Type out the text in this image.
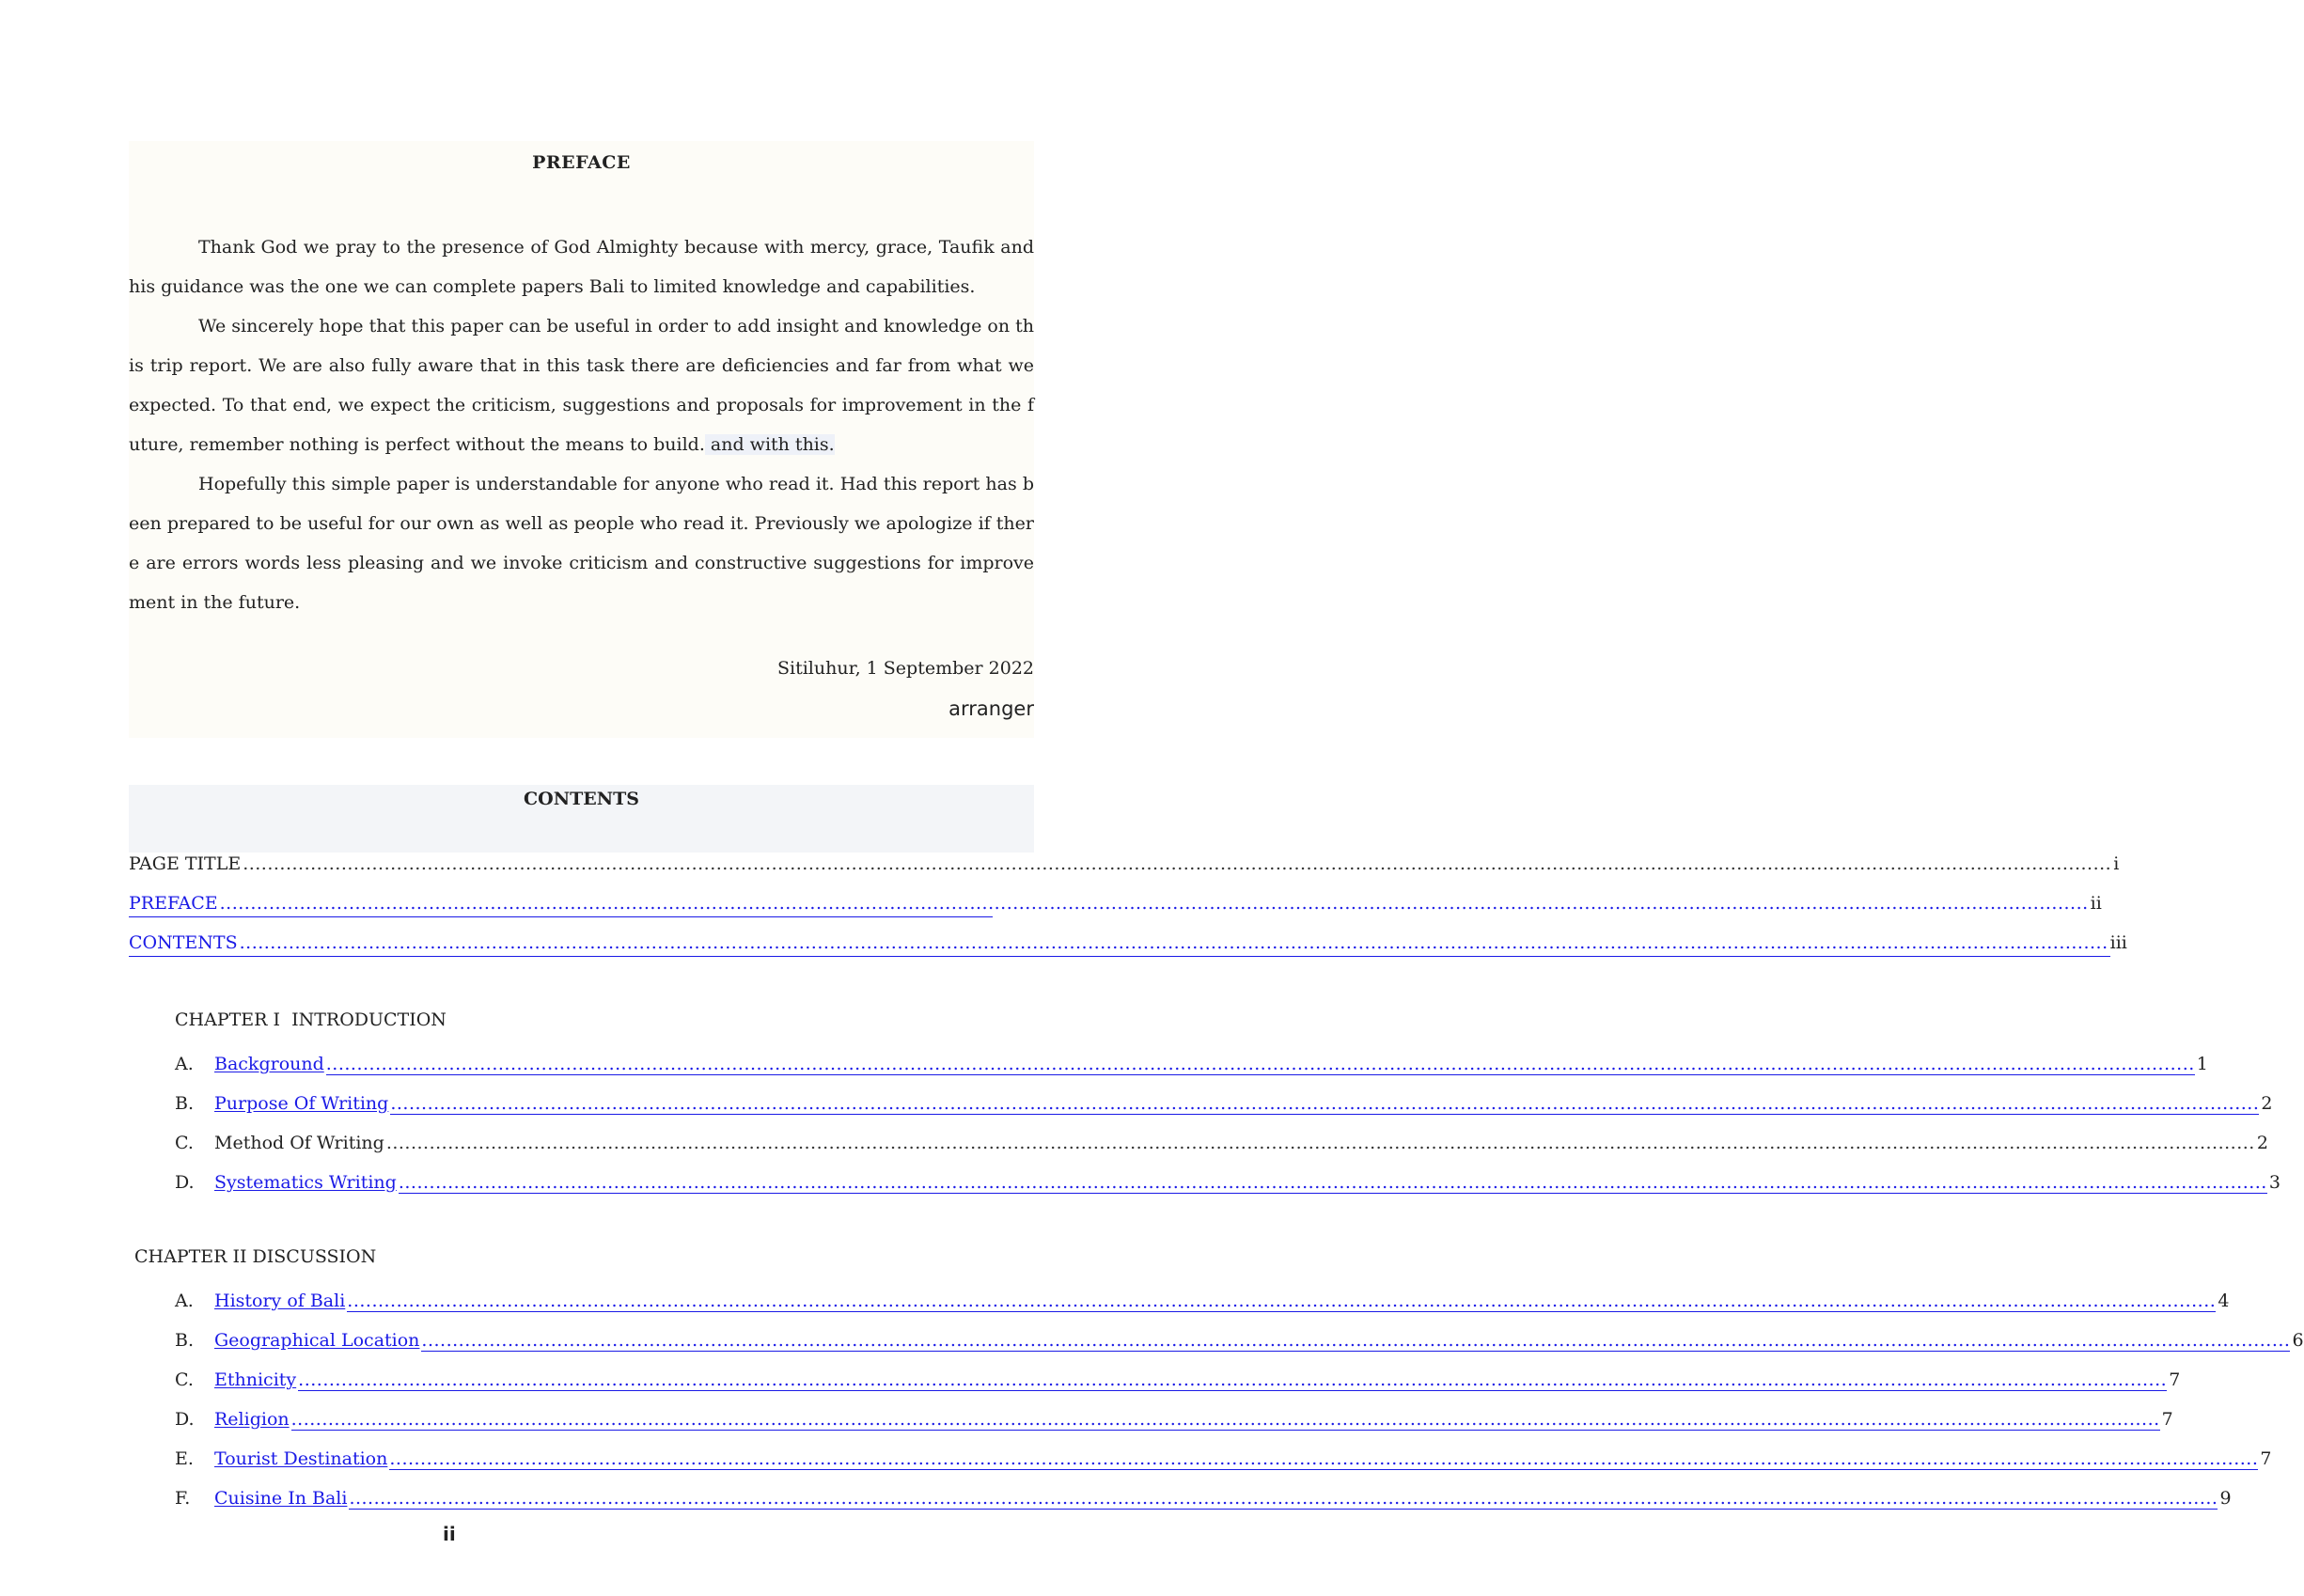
PREFACE

Thank God we pray to the presence of God Almighty because with mercy, grace, Taufik and his guidance was the one we can complete papers Bali to limited knowledge and capabilities.

We sincerely hope that this paper can be useful in order to add insight and knowledge on this trip report. We are also fully aware that in this task there are deficiencies and far from what we expected. To that end, we expect the criticism, suggestions and proposals for improvement in the future, remember nothing is perfect without the means to build. and with this.

Hopefully this simple paper is understandable for anyone who read it. Had this report has been prepared to be useful for our own as well as people who read it. Previously we apologize if there are errors words less pleasing and we invoke criticism and constructive suggestions for improvement in the future.

Sitiluhur, 1 September 2022
arranger
CONTENTS
PAGE TITLE .....	i
PREFACE .....	ii
CONTENTS .....	iii
CHAPTER I  INTRODUCTION
A.	Background .....	1
B.	Purpose Of Writing .....	2
C.	Method Of Writing .....	2
D.	Systematics Writing .....	3
CHAPTER II DISCUSSION
A.	History of Bali .....	4
B.	Geographical Location .....	6
C.	Ethnicity .....	7
D.	Religion .....	7
E.	Tourist Destination .....	7
F.	Cuisine In Bali .....	9
ii
